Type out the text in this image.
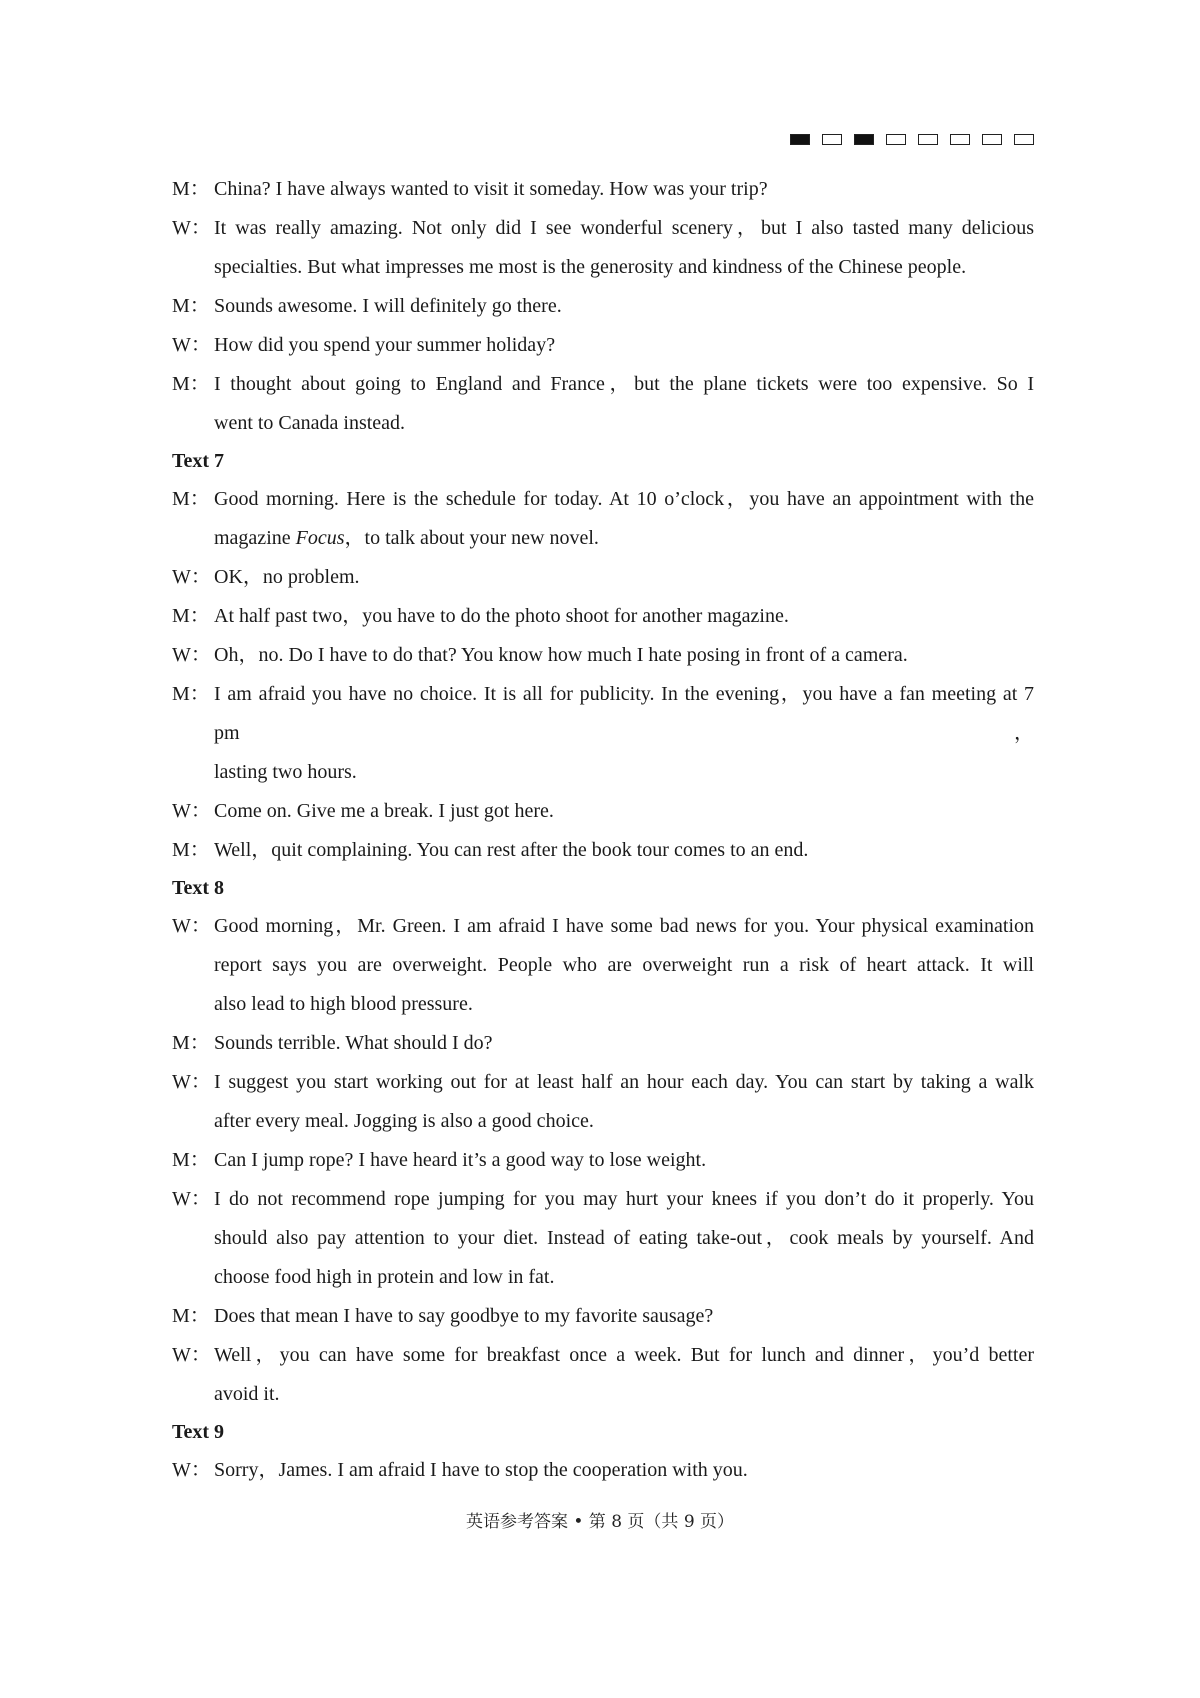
M： China? I have always wanted to visit it someday. How was your trip?
W： It was really amazing. Not only did I see wonderful scenery，but I also tasted many delicious
specialties. But what impresses me most is the generosity and kindness of the Chinese people.
M： Sounds awesome. I will definitely go there.
W： How did you spend your summer holiday?
M： I thought about going to England and France，but the plane tickets were too expensive. So I
went to Canada instead.
Text 7
M： Good morning. Here is the schedule for today. At 10 o’clock，you have an appointment with the
magazine Focus，to talk about your new novel.
W： OK，no problem.
M： At half past two，you have to do the photo shoot for another magazine.
W： Oh，no. Do I have to do that? You know how much I hate posing in front of a camera.
M： I am afraid you have no choice. It is all for publicity. In the evening，you have a fan meeting at 7 pm，
lasting two hours.
W： Come on. Give me a break. I just got here.
M： Well，quit complaining. You can rest after the book tour comes to an end.
Text 8
W： Good morning，Mr. Green. I am afraid I have some bad news for you. Your physical examination
report says you are overweight. People who are overweight run a risk of heart attack. It will
also lead to high blood pressure.
M： Sounds terrible. What should I do?
W： I suggest you start working out for at least half an hour each day. You can start by taking a walk
after every meal. Jogging is also a good choice.
M： Can I jump rope? I have heard it’s a good way to lose weight.
W： I do not recommend rope jumping for you may hurt your knees if you don’t do it properly. You
should also pay attention to your diet. Instead of eating take-out，cook meals by yourself. And
choose food high in protein and low in fat.
M： Does that mean I have to say goodbye to my favorite sausage?
W： Well，you can have some for breakfast once a week. But for lunch and dinner，you’d better
avoid it.
Text 9
W： Sorry，James. I am afraid I have to stop the cooperation with you.
英语参考答案 • 第 8 页（共 9 页）
